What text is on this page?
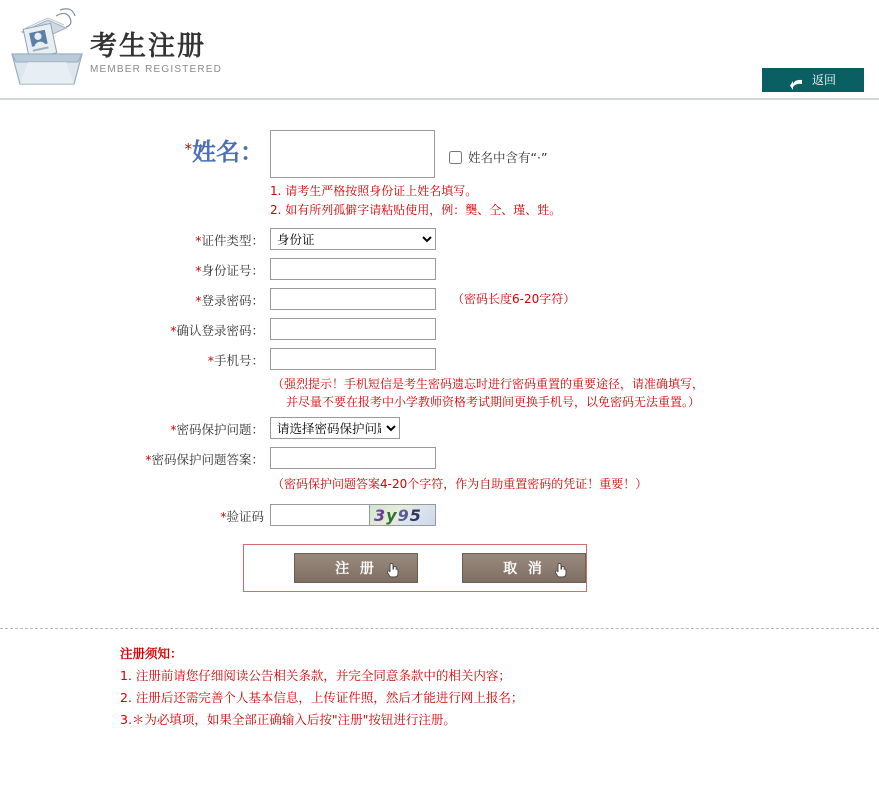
考生注册
MEMBER REGISTERED
返回
*姓名：	姓名中含有“·”
1. 请考生严格按照身份证上姓名填写。
2. 如有所列孤僻字请粘贴使用，例：龑、仝、瑾、甡。
*证件类型：
身份证
*身份证号：
*登录密码：	（密码长度6-20字符）
*确认登录密码：
*手机号：
（强烈提示！手机短信是考生密码遗忘时进行密码重置的重要途径，请准确填写，
并尽量不要在报考中小学教师资格考试期间更换手机号，以免密码无法重置。）
*密码保护问题：
请选择密码保护问题
*密码保护问题答案：
（密码保护问题答案4-20个字符，作为自助重置密码的凭证！重要！）
*验证码	3y95
注 册	取 消
注册须知：
1. 注册前请您仔细阅读公告相关条款，并完全同意条款中的相关内容；
2. 注册后还需完善个人基本信息，上传证件照，然后才能进行网上报名；
3.＊为必填项，如果全部正确输入后按"注册"按钮进行注册。
